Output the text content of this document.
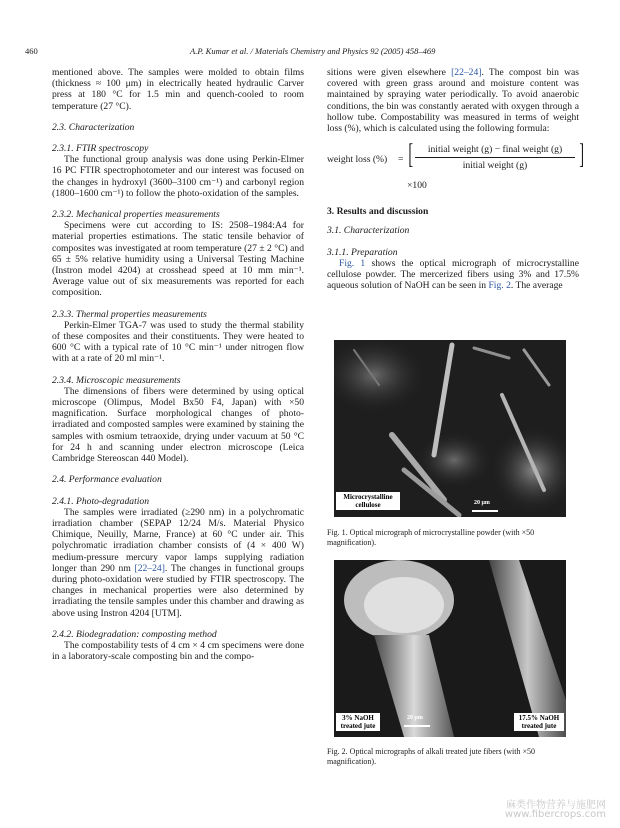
460	A.P. Kumar et al. / Materials Chemistry and Physics 92 (2005) 458–469

mentioned above. The samples were molded to obtain films (thickness ≈ 100 μm) in electrically heated hydraulic Carver press at 180 °C for 1.5 min and quench-cooled to room temperature (27 °C).

2.3. Characterization

2.3.1. FTIR spectroscopy

The functional group analysis was done using Perkin-Elmer 16 PC FTIR spectrophotometer and our interest was focused on the changes in hydroxyl (3600–3100 cm⁻¹) and carbonyl region (1800–1600 cm⁻¹) to follow the photo-oxidation of the samples.

2.3.2. Mechanical properties measurements

Specimens were cut according to IS: 2508–1984:A4 for material properties estimations. The static tensile behavior of composites was investigated at room temperature (27 ± 2 °C) and 65 ± 5% relative humidity using a Universal Testing Machine (Instron model 4204) at crosshead speed at 10 mm min⁻¹. Average value out of six measurements was reported for each composition.

2.3.3. Thermal properties measurements

Perkin-Elmer TGA-7 was used to study the thermal stability of these composites and their constituents. They were heated to 600 °C with a typical rate of 10 °C min⁻¹ under nitrogen flow with at a rate of 20 ml min⁻¹.

2.3.4. Microscopic measurements

The dimensions of fibers were determined by using optical microscope (Olimpus, Model Bx50 F4, Japan) with ×50 magnification. Surface morphological changes of photo-irradiated and composted samples were examined by staining the samples with osmium tetraoxide, drying under vacuum at 50 °C for 24 h and scanning under electron microscope (Leica Cambridge Stereoscan 440 Model).

2.4. Performance evaluation

2.4.1. Photo-degradation

The samples were irradiated (≥290 nm) in a polychromatic irradiation chamber (SEPAP 12/24 M/s. Material Physico Chimique, Neuilly, Marne, France) at 60 °C under air. This polychromatic irradiation chamber consists of (4 × 400 W) medium-pressure mercury vapor lamps supplying radiation longer than 290 nm [22–24]. The changes in functional groups during photo-oxidation were studied by FTIR spectroscopy. The changes in mechanical properties were also determined by irradiating the tensile samples under this chamber and drawing as above using Instron 4204 [UTM].

2.4.2. Biodegradation: composting method

The compostability tests of 4 cm × 4 cm specimens were done in a laboratory-scale composting bin and the compo-

sitions were given elsewhere [22–24]. The compost bin was covered with green grass around and moisture content was maintained by spraying water periodically. To avoid anaerobic conditions, the bin was constantly aerated with oxygen through a hollow tube. Compostability was measured in terms of weight loss (%), which is calculated using the following formula:

weight loss (%) = [	initial weight (g) − final weight (g)
initial weight (g)	]
×100

3. Results and discussion

3.1. Characterization

3.1.1. Preparation

Fig. 1 shows the optical micrograph of microcrystalline cellulose powder. The mercerized fibers using 3% and 17.5% aqueous solution of NaOH can be seen in Fig. 2. The average

Microcrystalline cellulose	20 μm
Fig. 1. Optical micrograph of microcrystalline powder (with ×50 magnification).
3% NaOH treated jute
20 μm	17.5% NaOH treated jute
Fig. 2. Optical micrographs of alkali treated jute fibers (with ×50 magnification).
麻类作物营养与施肥网
www.fibercrops.com
